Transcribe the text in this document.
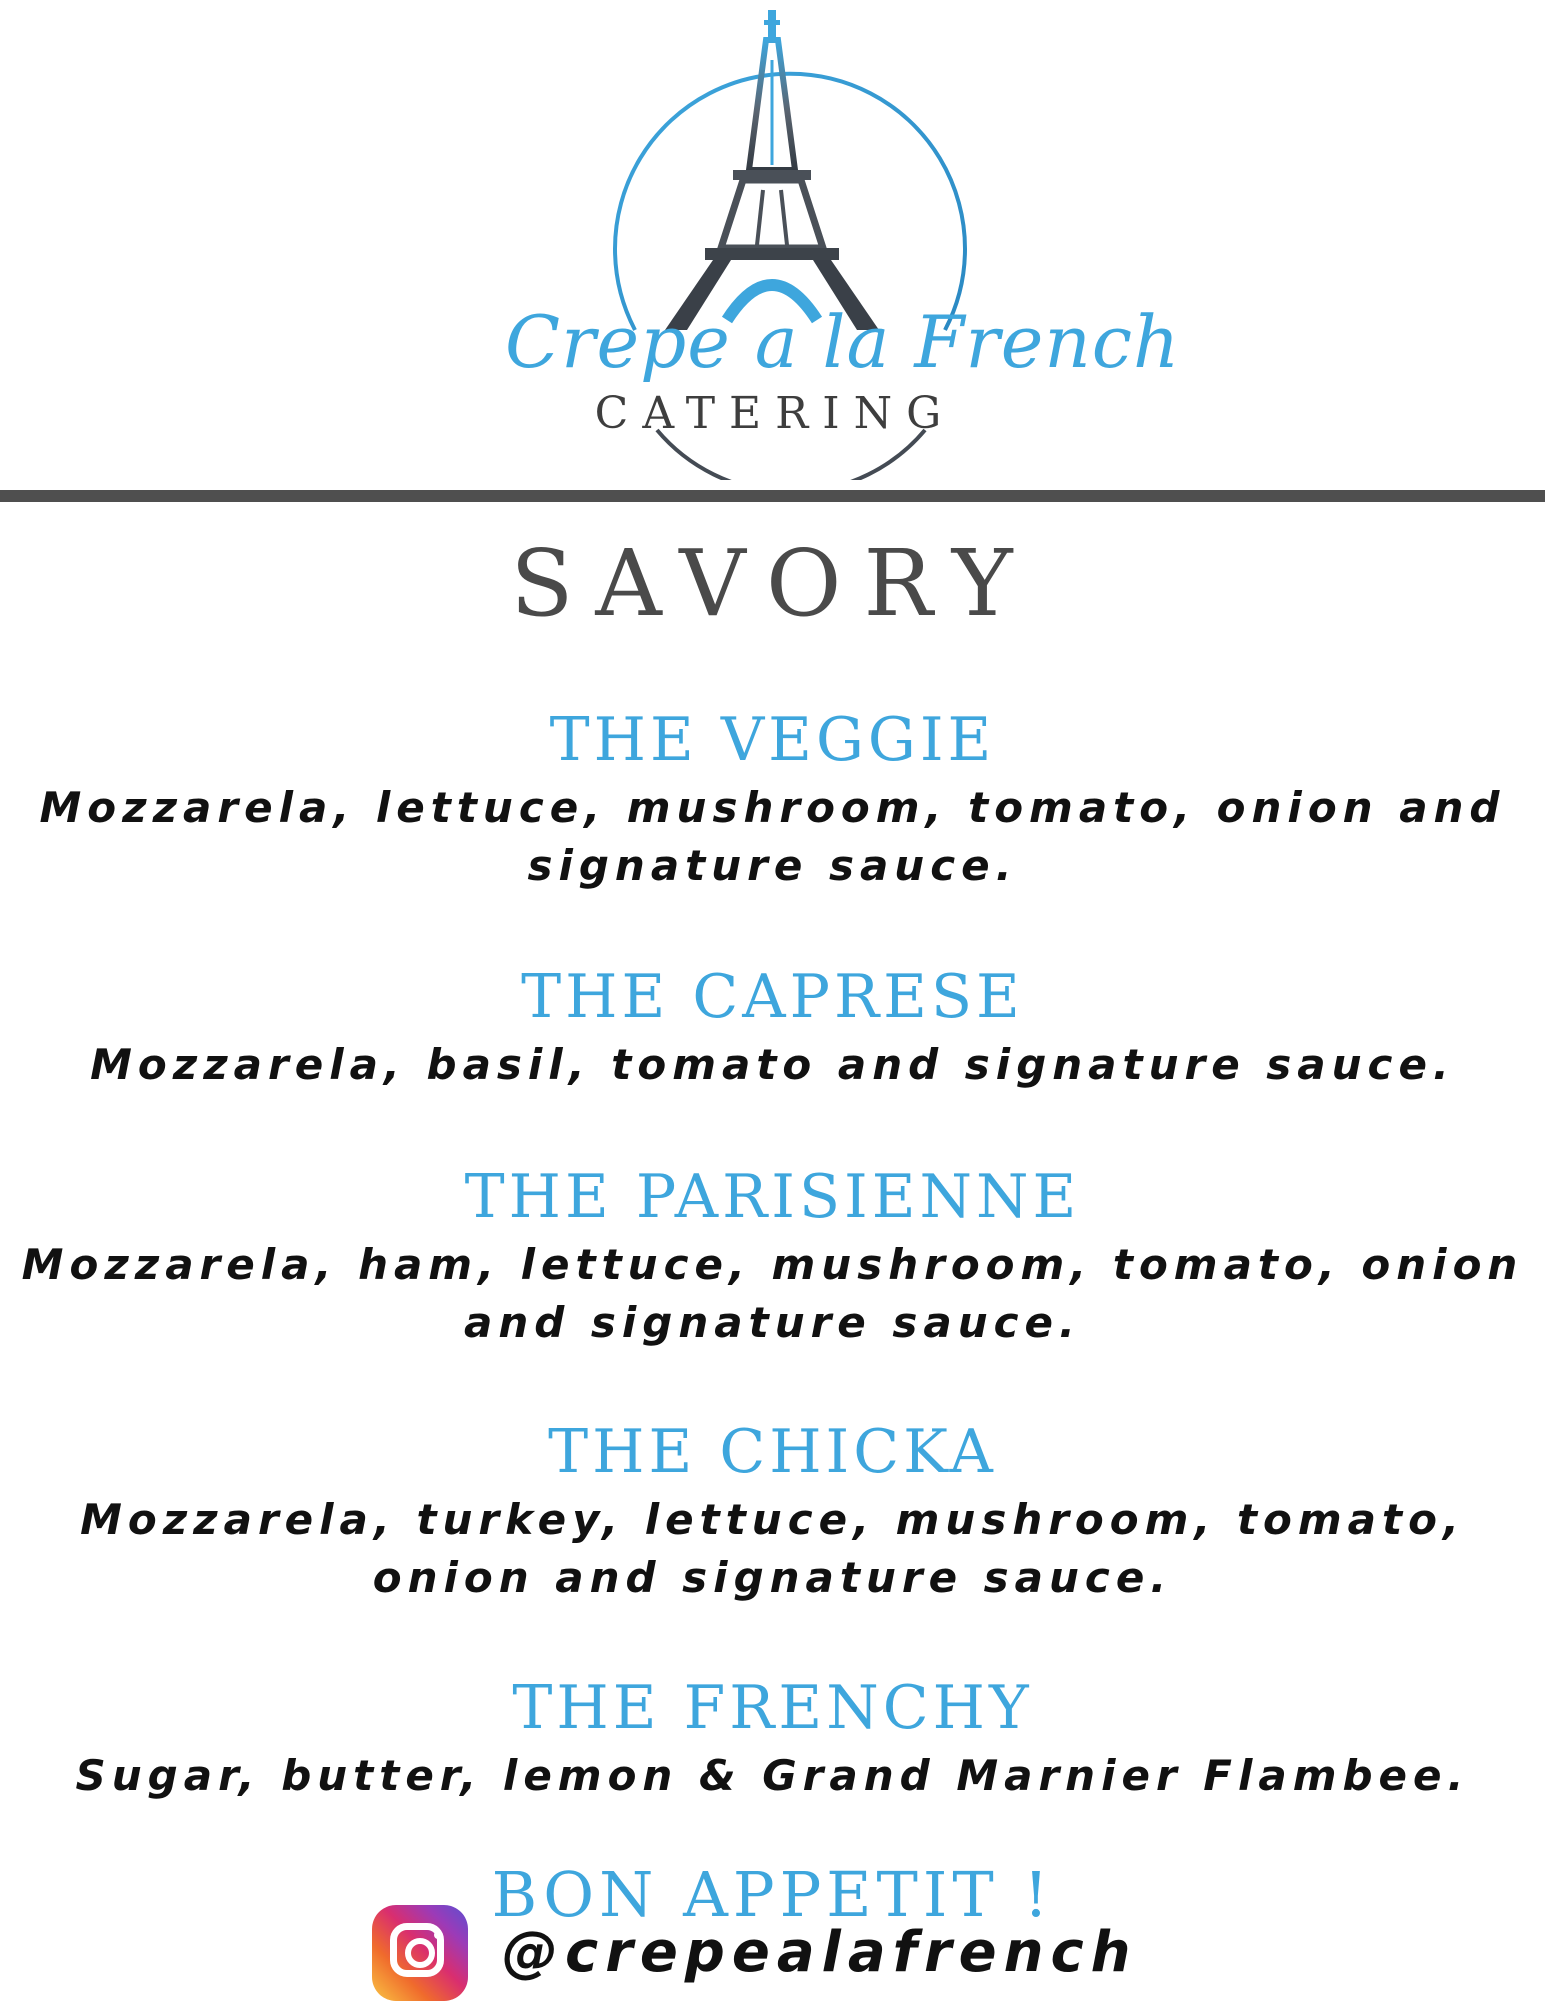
Crepe a la French
CATERING
SAVORY
THE VEGGIE
Mozzarela, lettuce, mushroom, tomato, onion and signature sauce.
THE CAPRESE
Mozzarela, basil, tomato and signature sauce.
THE PARISIENNE
Mozzarela, ham, lettuce, mushroom, tomato, onion and signature sauce.
THE CHICKA
Mozzarela, turkey, lettuce, mushroom, tomato, onion and signature sauce.
THE FRENCHY
Sugar, butter, lemon & Grand Marnier Flambee.
BON APPETIT !
@crepealafrench
